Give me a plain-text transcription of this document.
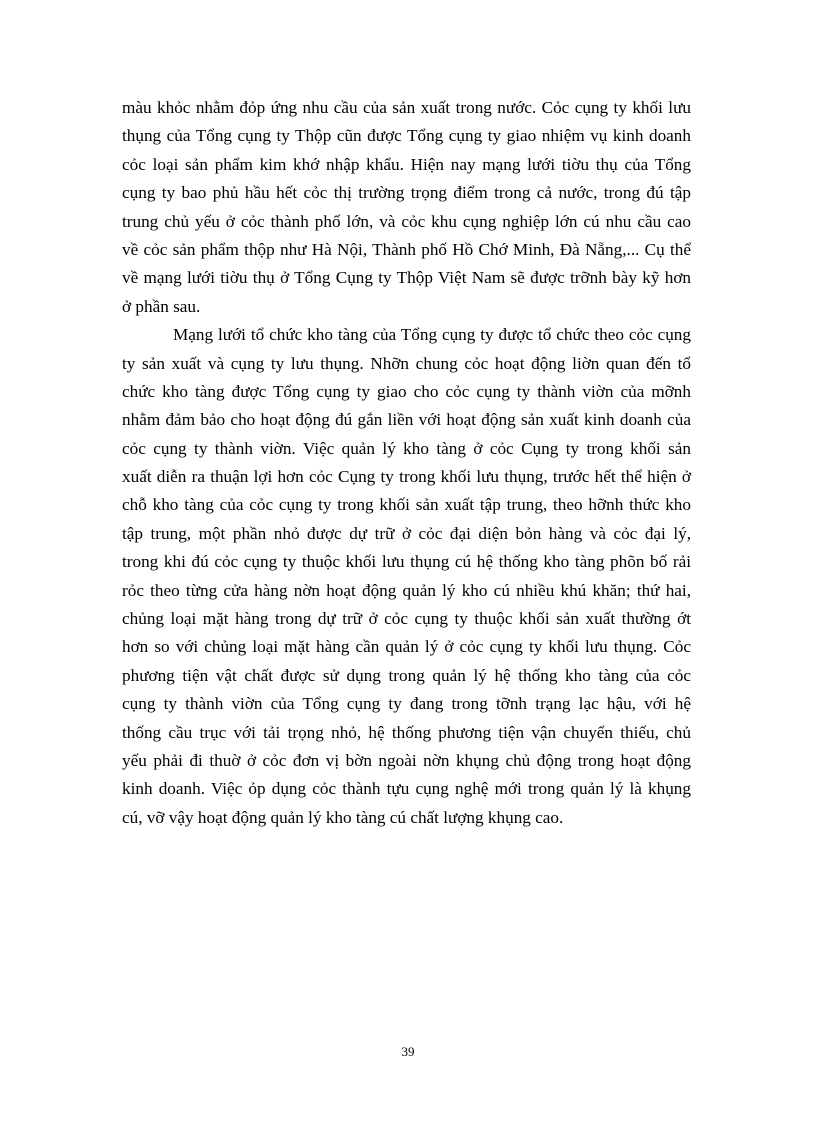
màu khỏc nhằm đỏp ứng nhu cầu của sản xuất trong nước. Cỏc cụng ty khối lưu
thụng của Tổng cụng ty Thộp cũn được Tổng cụng ty giao nhiệm vụ kinh doanh
cỏc loại sản phẩm kim khớ nhập khẩu. Hiện nay mạng lưới tiờu thụ của Tổng
cụng ty bao phủ hầu hết cỏc thị trường trọng điểm trong cả nước, trong đú tập
trung chủ yếu ở cỏc thành phố lớn, và cỏc khu cụng nghiệp lớn cú nhu cầu cao
về cỏc sản phẩm thộp như Hà Nội, Thành phố Hồ Chớ Minh, Đà Nẵng,... Cụ thể
về mạng lưới tiờu thụ ở Tổng Cụng ty Thộp Việt Nam sẽ được trỡnh bày kỹ hơn
ở phần sau.
Mạng lưới tổ chức kho tàng của Tổng cụng ty được tổ chức theo cỏc cụng
ty sản xuất và cụng ty lưu thụng. Nhỡn chung cỏc hoạt động liờn quan đến tổ
chức kho tàng được Tổng cụng ty giao cho cỏc cụng ty thành viờn của mỡnh
nhằm đảm bảo cho hoạt động đú gắn liền với hoạt động sản xuất kinh doanh của
cỏc cụng ty thành viờn. Việc quản lý kho tàng ở cỏc Cụng ty trong khối sản
xuất diễn ra thuận lợi hơn cỏc Cụng ty trong khối lưu thụng, trước hết thể hiện ở
chỗ kho tàng của cỏc cụng ty trong khối sản xuất tập trung, theo hỡnh thức kho
tập trung, một phần nhỏ được dự trữ ở cỏc đại diện bỏn hàng và cỏc đại lý,
trong khi đú cỏc cụng ty thuộc khối lưu thụng cú hệ thống kho tàng phõn bố rải
rỏc theo từng cửa hàng nờn hoạt động quản lý kho cú nhiều khú khăn; thứ hai,
chủng loại mặt hàng trong dự trữ ở cỏc cụng ty thuộc khối sản xuất thường ớt
hơn so với chủng loại mặt hàng cần quản lý ở cỏc cụng ty khối lưu thụng. Cỏc
phương tiện vật chất được sử dụng trong quản lý hệ thống kho tàng của cỏc
cụng ty thành viờn của Tổng cụng ty đang trong tỡnh trạng lạc hậu, với hệ
thống cầu trục với tải trọng nhỏ, hệ thống phương tiện vận chuyển thiếu, chủ
yếu phải đi thuờ ở cỏc đơn vị bờn ngoài nờn khụng chủ động trong hoạt động
kinh doanh. Việc ỏp dụng cỏc thành tựu cụng nghệ mới trong quản lý là khụng
cú, vỡ vậy hoạt động quản lý kho tàng cú chất lượng khụng cao.
39
